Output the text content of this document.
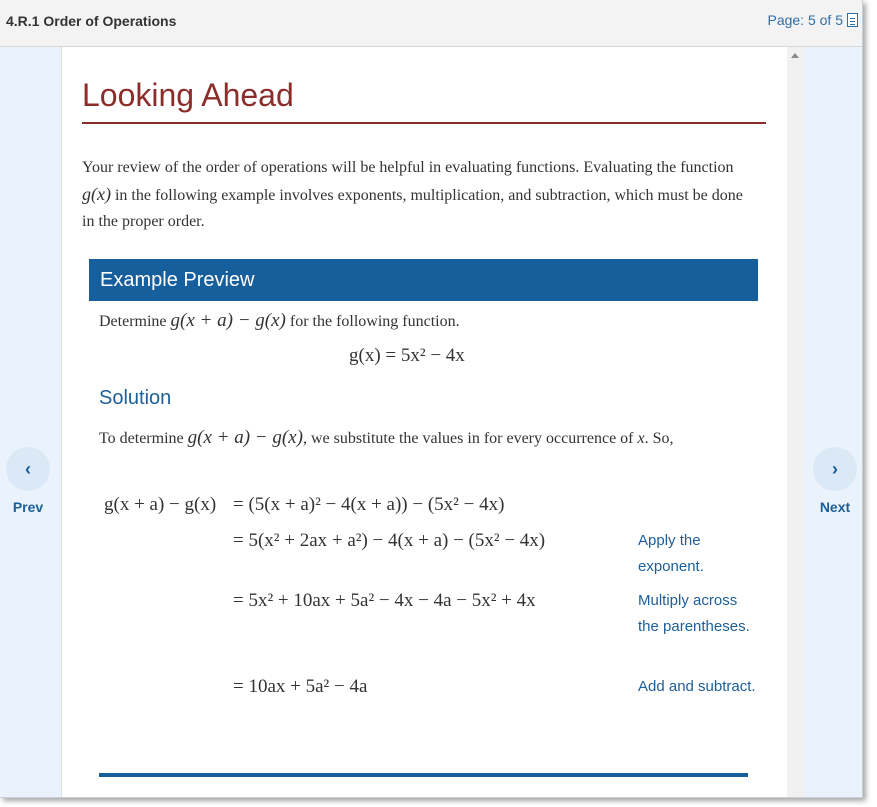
4.R.1 Order of Operations	Page: 5 of 5
‹
Prev
›
Next
Looking Ahead
Your review of the order of operations will be helpful in evaluating functions. Evaluating the function g(x) in the following example involves exponents, multiplication, and subtraction, which must be done in the proper order.
Example Preview
Determine g(x + a) − g(x) for the following function.
g(x) = 5x² − 4x
Solution
To determine g(x + a) − g(x), we substitute the values in for every occurrence of x. So,
g(x + a) − g(x) = (5(x + a)² − 4(x + a)) − (5x² − 4x)
= 5(x² + 2ax + a²) − 4(x + a) − (5x² − 4x)	Apply the exponent.
= 5x² + 10ax + 5a² − 4x − 4a − 5x² + 4x	Multiply across the parentheses.
= 10ax + 5a² − 4a	Add and subtract.
